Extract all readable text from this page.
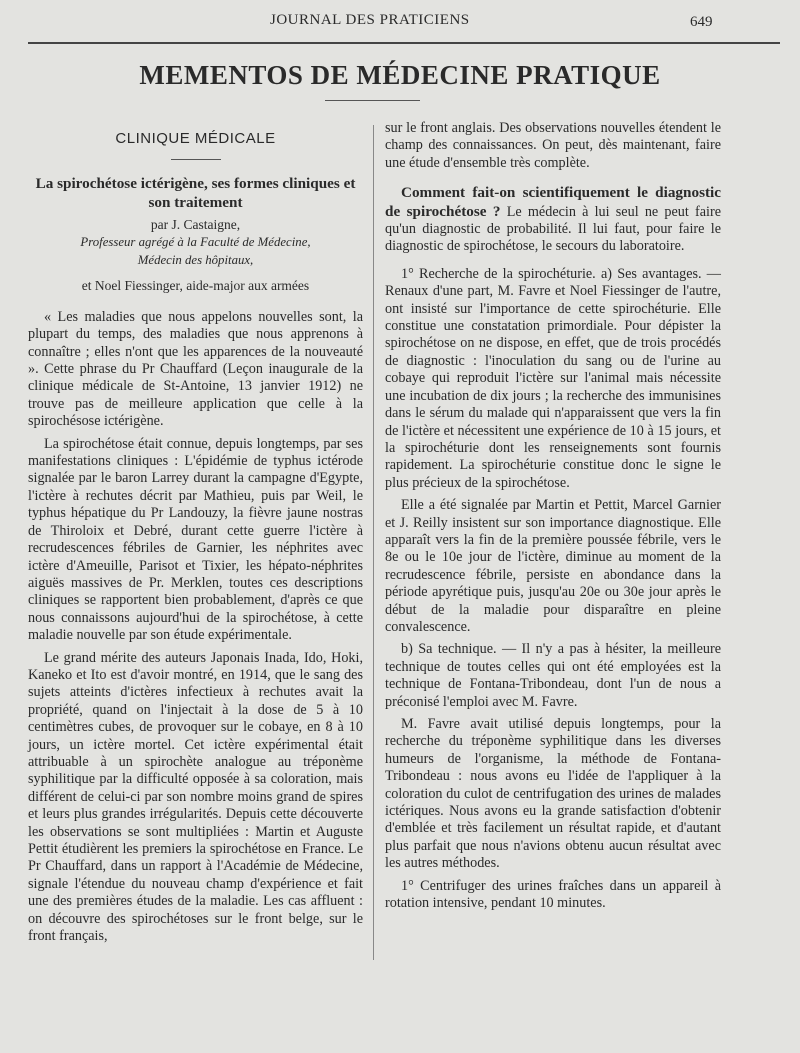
JOURNAL DES PRATICIENS	649
MEMENTOS DE MÉDECINE PRATIQUE
CLINIQUE MÉDICALE
La spirochétose ictérigène, ses formes cliniques et son traitement
par J. Castaigne,
Professeur agrégé à la Faculté de Médecine,
Médecin des hôpitaux,
et Noel Fiessinger, aide-major aux armées

« Les maladies que nous appelons nouvelles sont, la plupart du temps, des maladies que nous apprenons à connaître ; elles n'ont que les apparences de la nouveauté ». Cette phrase du Pr Chauffard (Leçon inaugurale de la clinique médicale de St-Antoine, 13 janvier 1912) ne trouve pas de meilleure application que celle à la spirochésose ictérigène.

La spirochétose était connue, depuis longtemps, par ses manifestations cliniques : L'épidémie de typhus ictérode signalée par le baron Larrey durant la campagne d'Egypte, l'ictère à rechutes décrit par Mathieu, puis par Weil, le typhus hépatique du Pr Landouzy, la fièvre jaune nostras de Thiroloix et Debré, durant cette guerre l'ictère à recrudescences fébriles de Garnier, les néphrites avec ictère d'Ameuille, Parisot et Tixier, les hépato-néphrites aiguës massives de Pr. Merklen, toutes ces descriptions cliniques se rapportent bien probablement, d'après ce que nous connaissons aujourd'hui de la spirochétose, à cette maladie nouvelle par son étude expérimentale.

Le grand mérite des auteurs Japonais Inada, Ido, Hoki, Kaneko et Ito est d'avoir montré, en 1914, que le sang des sujets atteints d'ictères infectieux à rechutes avait la propriété, quand on l'injectait à la dose de 5 à 10 centimètres cubes, de provoquer sur le cobaye, en 8 à 10 jours, un ictère mortel. Cet ictère expérimental était attribuable à un spirochète analogue au tréponème syphilitique par la difficulté opposée à sa coloration, mais différent de celui-ci par son nombre moins grand de spires et leurs plus grandes irrégularités. Depuis cette découverte les observations se sont multipliées : Martin et Auguste Pettit étudièrent les premiers la spirochétose en France. Le Pr Chauffard, dans un rapport à l'Académie de Médecine, signale l'étendue du nouveau champ d'expérience et fait une des premières études de la maladie. Les cas affluent : on découvre des spirochétoses sur le front belge, sur le front français,

sur le front anglais. Des observations nouvelles étendent le champ des connaissances. On peut, dès maintenant, faire une étude d'ensemble très complète.

Comment fait-on scientifiquement le diagnostic de spirochétose ? Le médecin à lui seul ne peut faire qu'un diagnostic de probabilité. Il lui faut, pour faire le diagnostic de spirochétose, le secours du laboratoire.

1° Recherche de la spirochéturie. a) Ses avantages. — Renaux d'une part, M. Favre et Noel Fiessinger de l'autre, ont insisté sur l'importance de cette spirochéturie. Elle constitue une constatation primordiale. Pour dépister la spirochétose on ne dispose, en effet, que de trois procédés de diagnostic : l'inoculation du sang ou de l'urine au cobaye qui reproduit l'ictère sur l'animal mais nécessite une incubation de dix jours ; la recherche des immunisines dans le sérum du malade qui n'apparaissent que vers la fin de l'ictère et nécessitent une expérience de 10 à 15 jours, et la spirochéturie dont les renseignements sont fournis rapidement. La spirochéturie constitue donc le signe le plus précieux de la spirochétose.

Elle a été signalée par Martin et Pettit, Marcel Garnier et J. Reilly insistent sur son importance diagnostique. Elle apparaît vers la fin de la première poussée fébrile, vers le 8e ou le 10e jour de l'ictère, diminue au moment de la recrudescence fébrile, persiste en abondance dans la période apyrétique puis, jusqu'au 20e ou 30e jour après le début de la maladie pour disparaître en pleine convalescence.

b) Sa technique. — Il n'y a pas à hésiter, la meilleure technique de toutes celles qui ont été employées est la technique de Fontana-Tribondeau, dont l'un de nous a préconisé l'emploi avec M. Favre.

M. Favre avait utilisé depuis longtemps, pour la recherche du tréponème syphilitique dans les diverses humeurs de l'organisme, la méthode de Fontana-Tribondeau : nous avons eu l'idée de l'appliquer à la coloration du culot de centrifugation des urines de malades ictériques. Nous avons eu la grande satisfaction d'obtenir d'emblée et très facilement un résultat rapide, et d'autant plus parfait que nous n'avions obtenu aucun résultat avec les autres méthodes.

1° Centrifuger des urines fraîches dans un appareil à rotation intensive, pendant 10 minutes.
